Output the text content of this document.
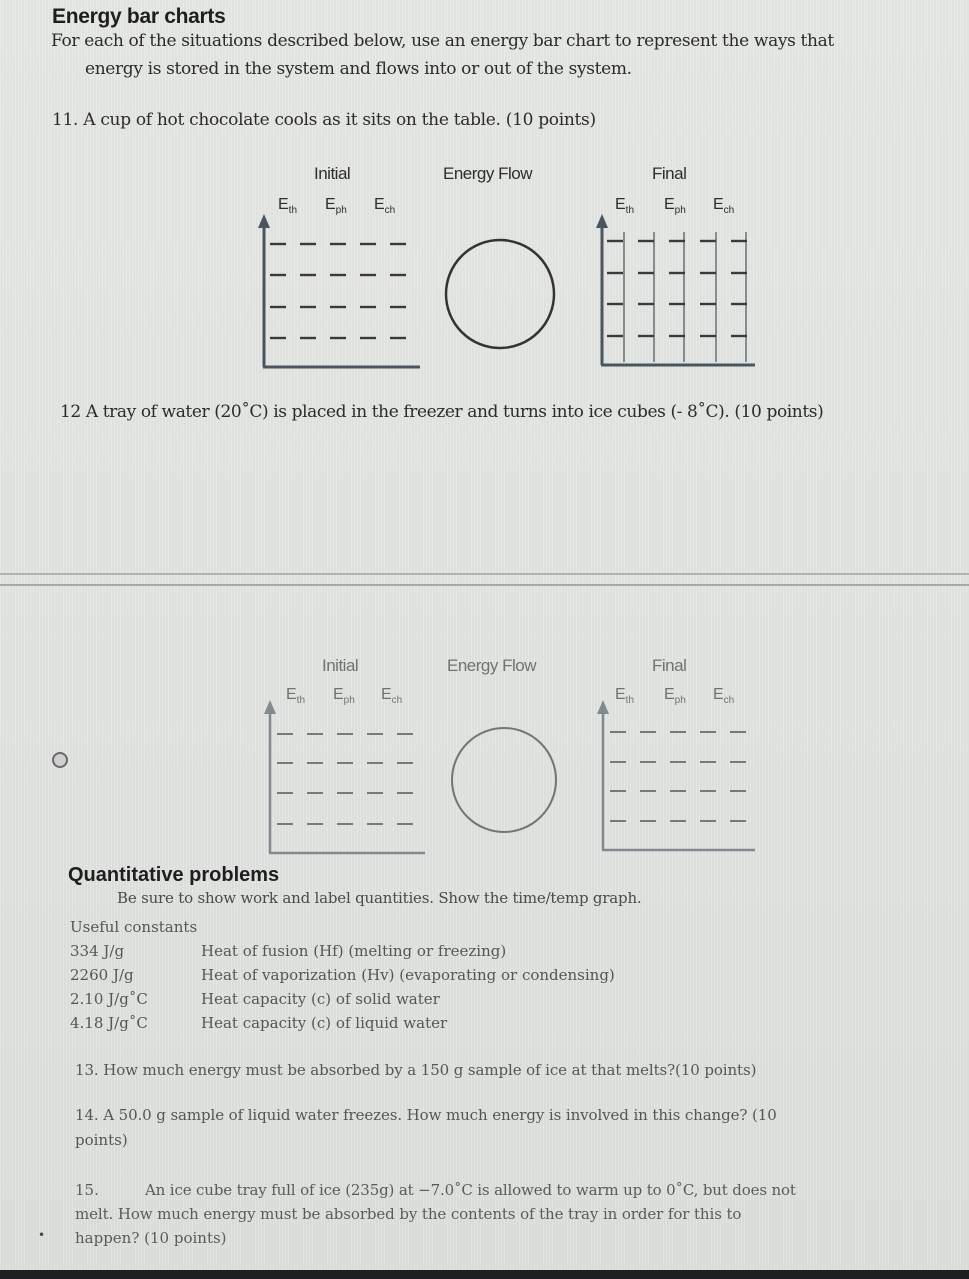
Energy bar charts
For each of the situations described below, use an energy bar chart to represent the ways that
energy is stored in the system and flows into or out of the system.
11. A cup of hot chocolate cools as it sits on the table. (10 points)
Initial	Energy Flow	Final
$E_{th}$ $E_{ph}$ $E_{ch}$	$E_{th}$ $E_{ph}$ $E_{ch}$
12 A tray of water (20˚C) is placed in the freezer and turns into ice cubes (- 8˚C). (10 points)
Initial	Energy Flow	Final
$E_{th}$ $E_{ph}$ $E_{ch}$	$E_{th}$ $E_{ph}$ $E_{ch}$
Quantitative problems
Be sure to show work and label quantities. Show the time/temp graph.
Useful constants
334 J/g	Heat of fusion (Hf) (melting or freezing)
2260 J/g	Heat of vaporization (Hv) (evaporating or condensing)
2.10 J/g˚C	Heat capacity (c) of solid water
4.18 J/g˚C	Heat capacity (c) of liquid water
13. How much energy must be absorbed by a 150 g sample of ice at that melts?(10 points)
14. A 50.0 g sample of liquid water freezes. How much energy is involved in this change? (10
points)
15.	An ice cube tray full of ice (235g) at −7.0˚C is allowed to warm up to 0˚C, but does not
melt. How much energy must be absorbed by the contents of the tray in order for this to
happen? (10 points)
•
